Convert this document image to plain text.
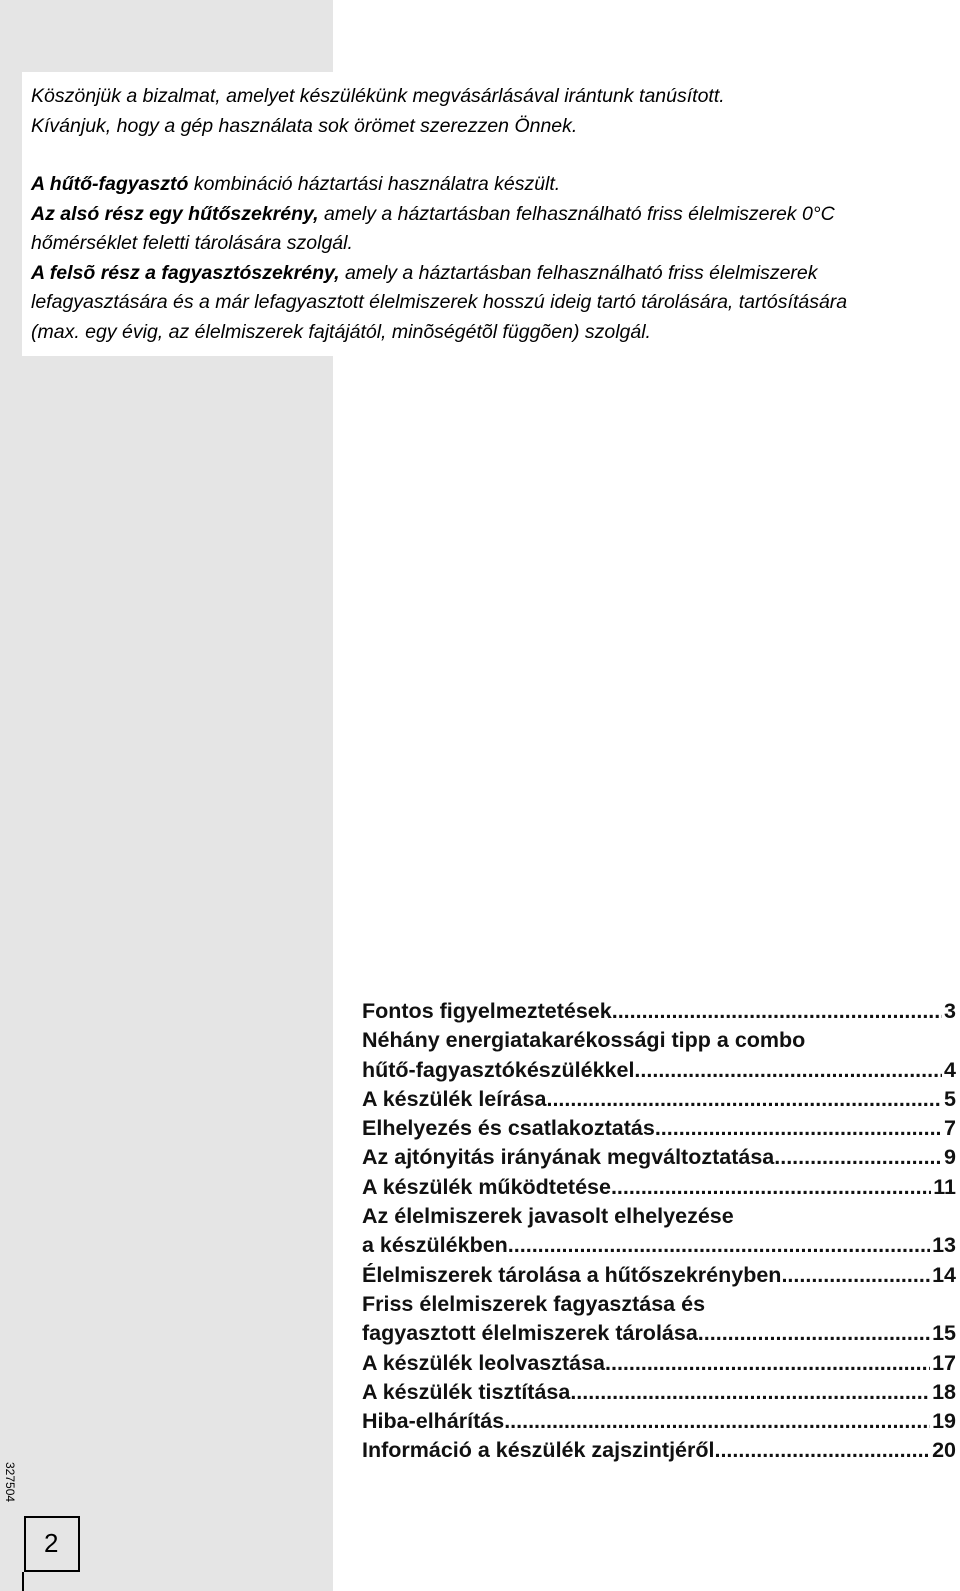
Köszönjük a bizalmat, amelyet készülékünk megvásárlásával irántunk tanúsított.

Kívánjuk, hogy a gép használata sok örömet szerezzen Önnek.

A hűtő-fagyasztó kombináció háztartási használatra készült.

Az alsó rész egy hűtőszekrény, amely a háztartásban felhasználható friss élelmiszerek 0°C

hőmérséklet feletti tárolására szolgál.

A felsõ rész a fagyasztószekrény, amely a háztartásban felhasználható friss élelmiszerek

lefagyasztására és a már lefagyasztott élelmiszerek hosszú ideig tartó tárolására, tartósítására

(max. egy évig, az élelmiszerek fajtájától, minõségétõl függõen) szolgál.

Fontos figyelmeztetések .....	3
Néhány energiatakarékossági tipp a combo
hűtő-fagyasztókészülékkel .....	4
A készülék leírása .....	5
Elhelyezés és csatlakoztatás .....	7
Az ajtónyitás irányának megváltoztatása .....	9
A készülék működtetése .....	11
Az élelmiszerek javasolt elhelyezése
a készülékben .....	13
Élelmiszerek tárolása a hűtőszekrényben .....	14
Friss élelmiszerek fagyasztása és
fagyasztott élelmiszerek tárolása .....	15
A készülék leolvasztása .....	17
A készülék tisztítása .....	18
Hiba-elhárítás .....	19
Információ a készülék zajszintjéről .....	20
327504
2
